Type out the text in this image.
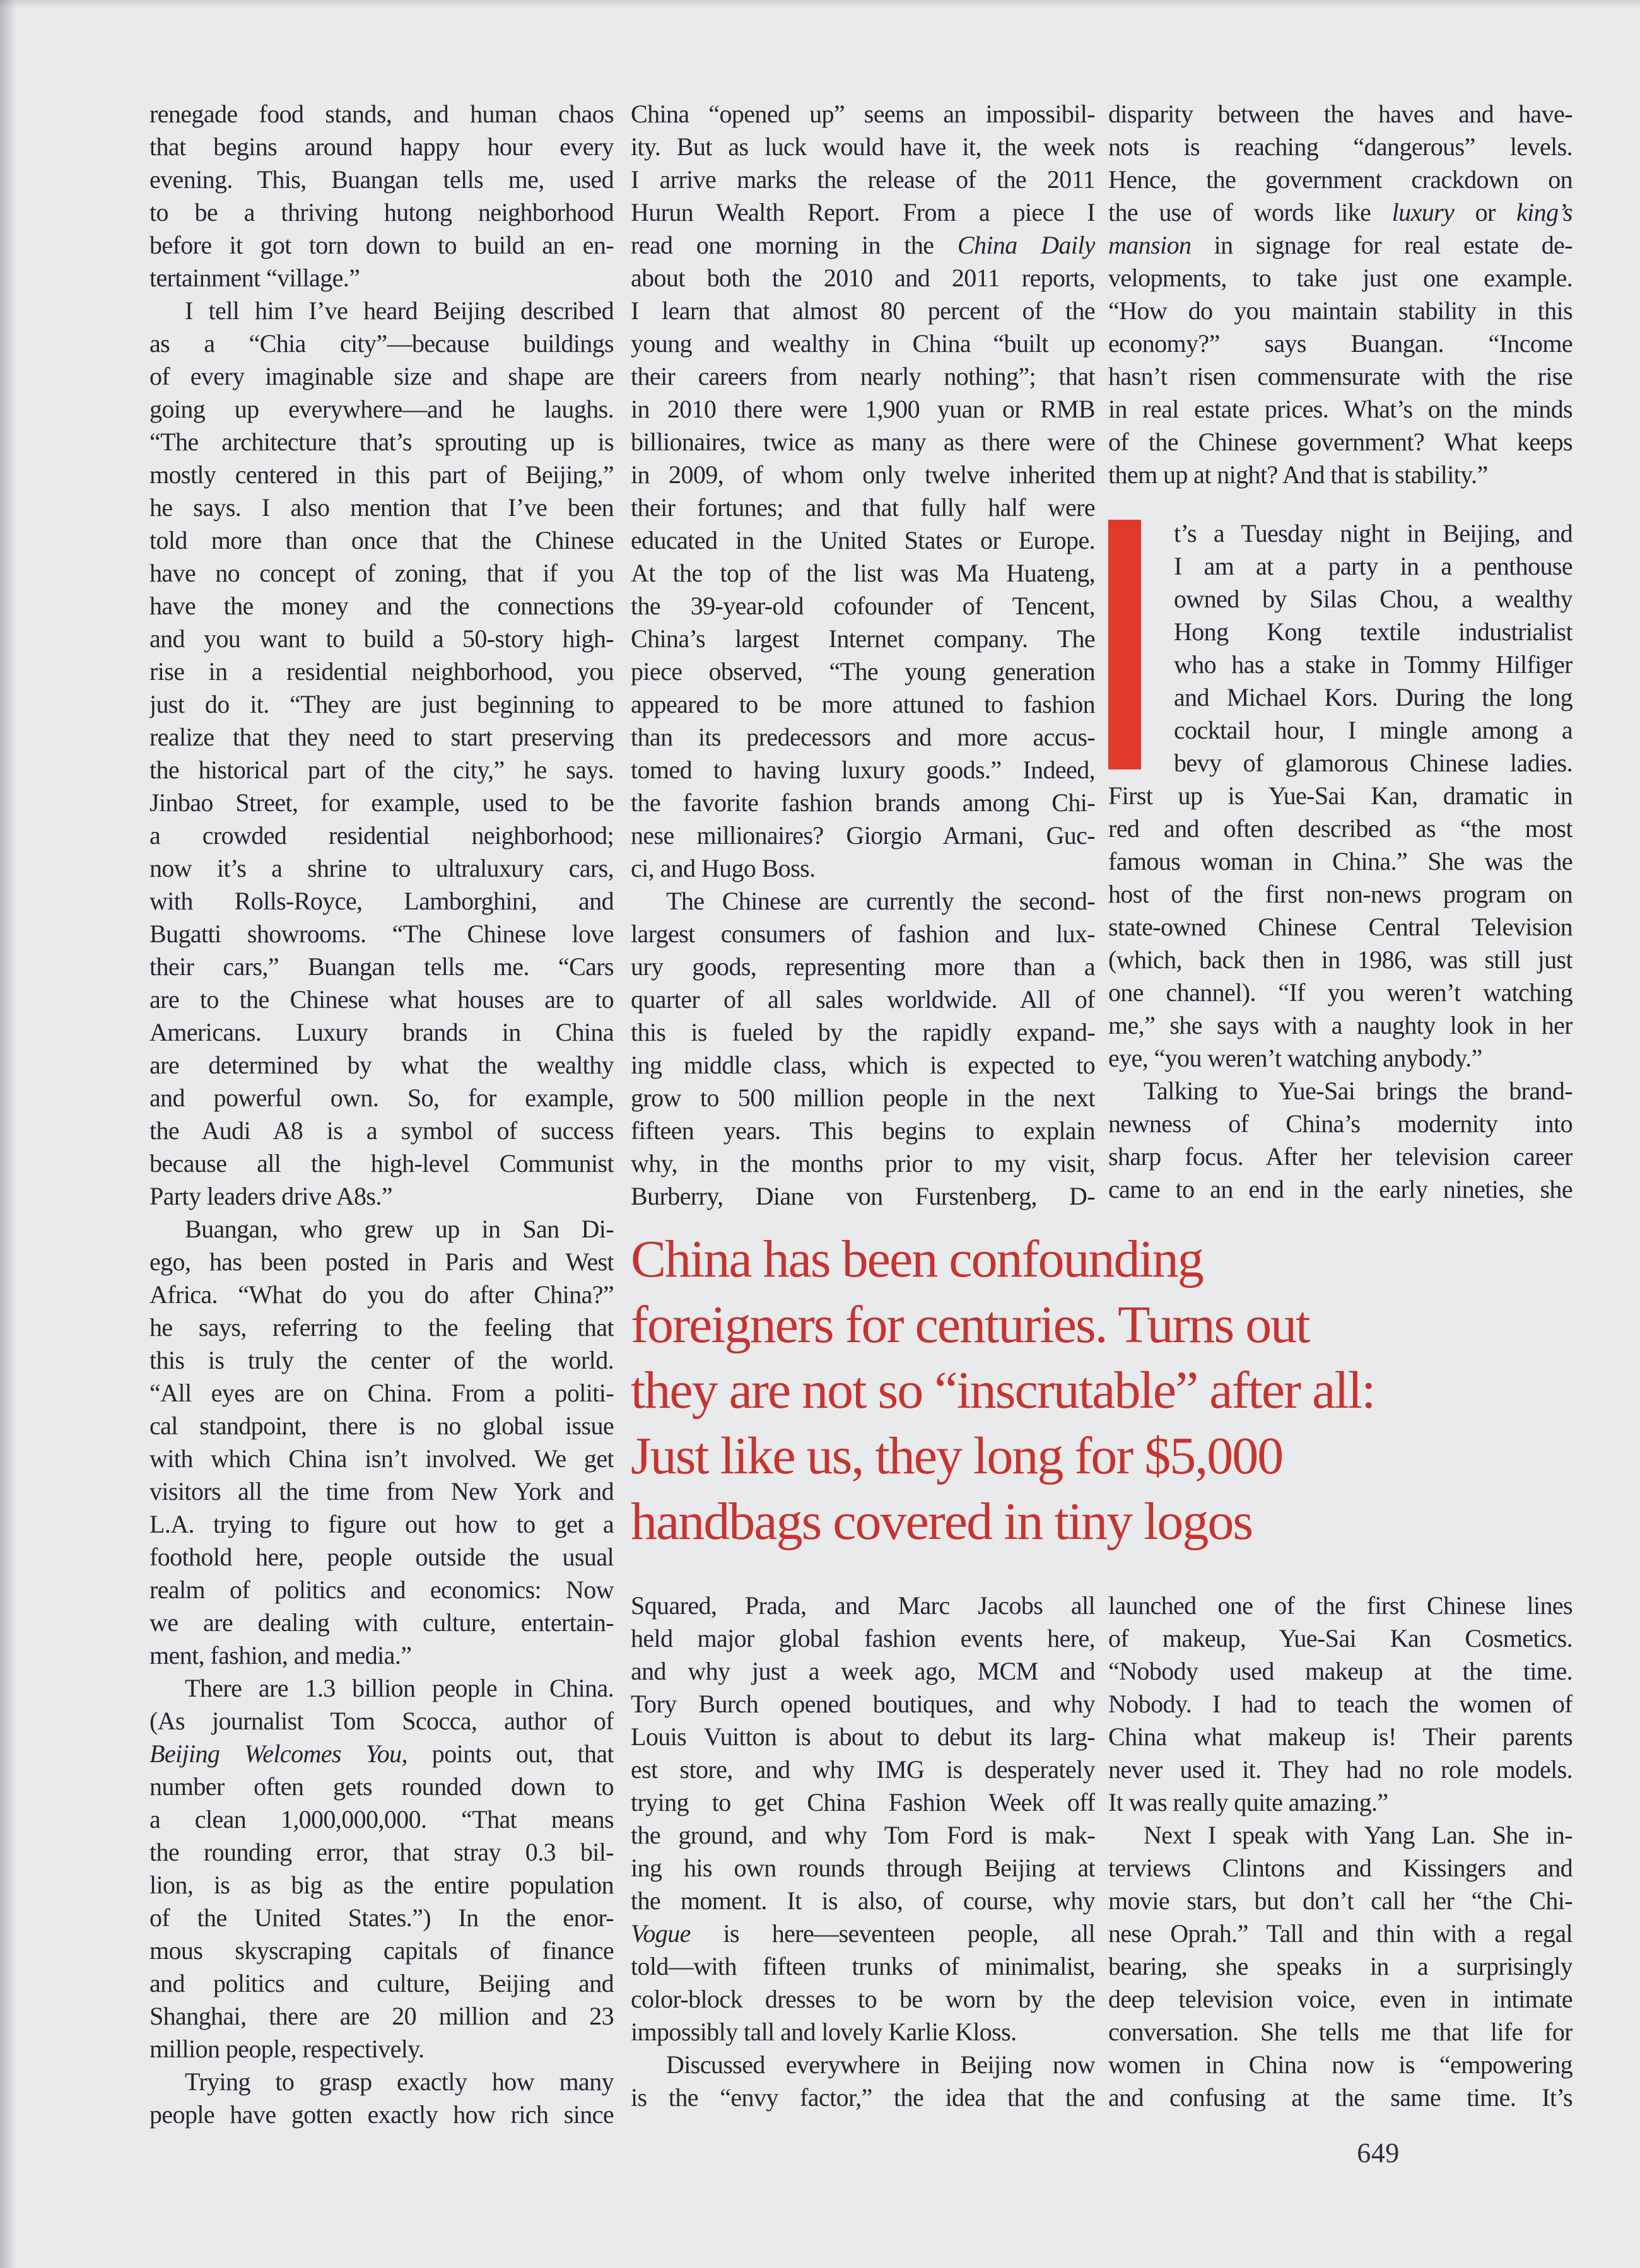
renegade food stands, and human chaos
that begins around happy hour every
evening. This, Buangan tells me, used
to be a thriving hutong neighborhood
before it got torn down to build an en-
tertainment “village.”
I tell him I’ve heard Beijing described
as a “Chia city”—because buildings
of every imaginable size and shape are
going up everywhere—and he laughs.
“The architecture that’s sprouting up is
mostly centered in this part of Beijing,”
he says. I also mention that I’ve been
told more than once that the Chinese
have no concept of zoning, that if you
have the money and the connections
and you want to build a 50-story high-
rise in a residential neighborhood, you
just do it. “They are just beginning to
realize that they need to start preserving
the historical part of the city,” he says.
Jinbao Street, for example, used to be
a crowded residential neighborhood;
now it’s a shrine to ultraluxury cars,
with Rolls-Royce, Lamborghini, and
Bugatti showrooms. “The Chinese love
their cars,” Buangan tells me. “Cars
are to the Chinese what houses are to
Americans. Luxury brands in China
are determined by what the wealthy
and powerful own. So, for example,
the Audi A8 is a symbol of success
because all the high-level Communist
Party leaders drive A8s.”
Buangan, who grew up in San Di-
ego, has been posted in Paris and West
Africa. “What do you do after China?”
he says, referring to the feeling that
this is truly the center of the world.
“All eyes are on China. From a politi-
cal standpoint, there is no global issue
with which China isn’t involved. We get
visitors all the time from New York and
L.A. trying to figure out how to get a
foothold here, people outside the usual
realm of politics and economics: Now
we are dealing with culture, entertain-
ment, fashion, and media.”
There are 1.3 billion people in China.
(As journalist Tom Scocca, author of
Beijing Welcomes You, points out, that
number often gets rounded down to
a clean 1,000,000,000. “That means
the rounding error, that stray 0.3 bil-
lion, is as big as the entire population
of the United States.”) In the enor-
mous skyscraping capitals of finance
and politics and culture, Beijing and
Shanghai, there are 20 million and 23
million people, respectively.
Trying to grasp exactly how many
people have gotten exactly how rich since
China “opened up” seems an impossibil-
ity. But as luck would have it, the week
I arrive marks the release of the 2011
Hurun Wealth Report. From a piece I
read one morning in the China Daily
about both the 2010 and 2011 reports,
I learn that almost 80 percent of the
young and wealthy in China “built up
their careers from nearly nothing”; that
in 2010 there were 1,900 yuan or RMB
billionaires, twice as many as there were
in 2009, of whom only twelve inherited
their fortunes; and that fully half were
educated in the United States or Europe.
At the top of the list was Ma Huateng,
the 39-year-old cofounder of Tencent,
China’s largest Internet company. The
piece observed, “The young generation
appeared to be more attuned to fashion
than its predecessors and more accus-
tomed to having luxury goods.” Indeed,
the favorite fashion brands among Chi-
nese millionaires? Giorgio Armani, Guc-
ci, and Hugo Boss.
The Chinese are currently the second-
largest consumers of fashion and lux-
ury goods, representing more than a
quarter of all sales worldwide. All of
this is fueled by the rapidly expand-
ing middle class, which is expected to
grow to 500 million people in the next
fifteen years. This begins to explain
why, in the months prior to my visit,
Burberry, Diane von Furstenberg, D-
Squared, Prada, and Marc Jacobs all
held major global fashion events here,
and why just a week ago, MCM and
Tory Burch opened boutiques, and why
Louis Vuitton is about to debut its larg-
est store, and why IMG is desperately
trying to get China Fashion Week off
the ground, and why Tom Ford is mak-
ing his own rounds through Beijing at
the moment. It is also, of course, why
Vogue is here—seventeen people, all
told—with fifteen trunks of minimalist,
color-block dresses to be worn by the
impossibly tall and lovely Karlie Kloss.
Discussed everywhere in Beijing now
is the “envy factor,” the idea that the
disparity between the haves and have-
nots is reaching “dangerous” levels.
Hence, the government crackdown on
the use of words like luxury or king’s
mansion in signage for real estate de-
velopments, to take just one example.
“How do you maintain stability in this
economy?” says Buangan. “Income
hasn’t risen commensurate with the rise
in real estate prices. What’s on the minds
of the Chinese government? What keeps
them up at night? And that is stability.”
t’s a Tuesday night in Beijing, and
I am at a party in a penthouse
owned by Silas Chou, a wealthy
Hong Kong textile industrialist
who has a stake in Tommy Hilfiger
and Michael Kors. During the long
cocktail hour, I mingle among a
bevy of glamorous Chinese ladies.
First up is Yue-Sai Kan, dramatic in
red and often described as “the most
famous woman in China.” She was the
host of the first non-news program on
state-owned Chinese Central Television
(which, back then in 1986, was still just
one channel). “If you weren’t watching
me,” she says with a naughty look in her
eye, “you weren’t watching anybody.”
Talking to Yue-Sai brings the brand-
newness of China’s modernity into
sharp focus. After her television career
came to an end in the early nineties, she
launched one of the first Chinese lines
of makeup, Yue-Sai Kan Cosmetics.
“Nobody used makeup at the time.
Nobody. I had to teach the women of
China what makeup is! Their parents
never used it. They had no role models.
It was really quite amazing.”
Next I speak with Yang Lan. She in-
terviews Clintons and Kissingers and
movie stars, but don’t call her “the Chi-
nese Oprah.” Tall and thin with a regal
bearing, she speaks in a surprisingly
deep television voice, even in intimate
conversation. She tells me that life for
women in China now is “empowering
and confusing at the same time. It’s
China has been confounding
foreigners for centuries. Turns out
they are not so “inscrutable” after all:
Just like us, they long for $5,000
handbags covered in tiny logos
649
